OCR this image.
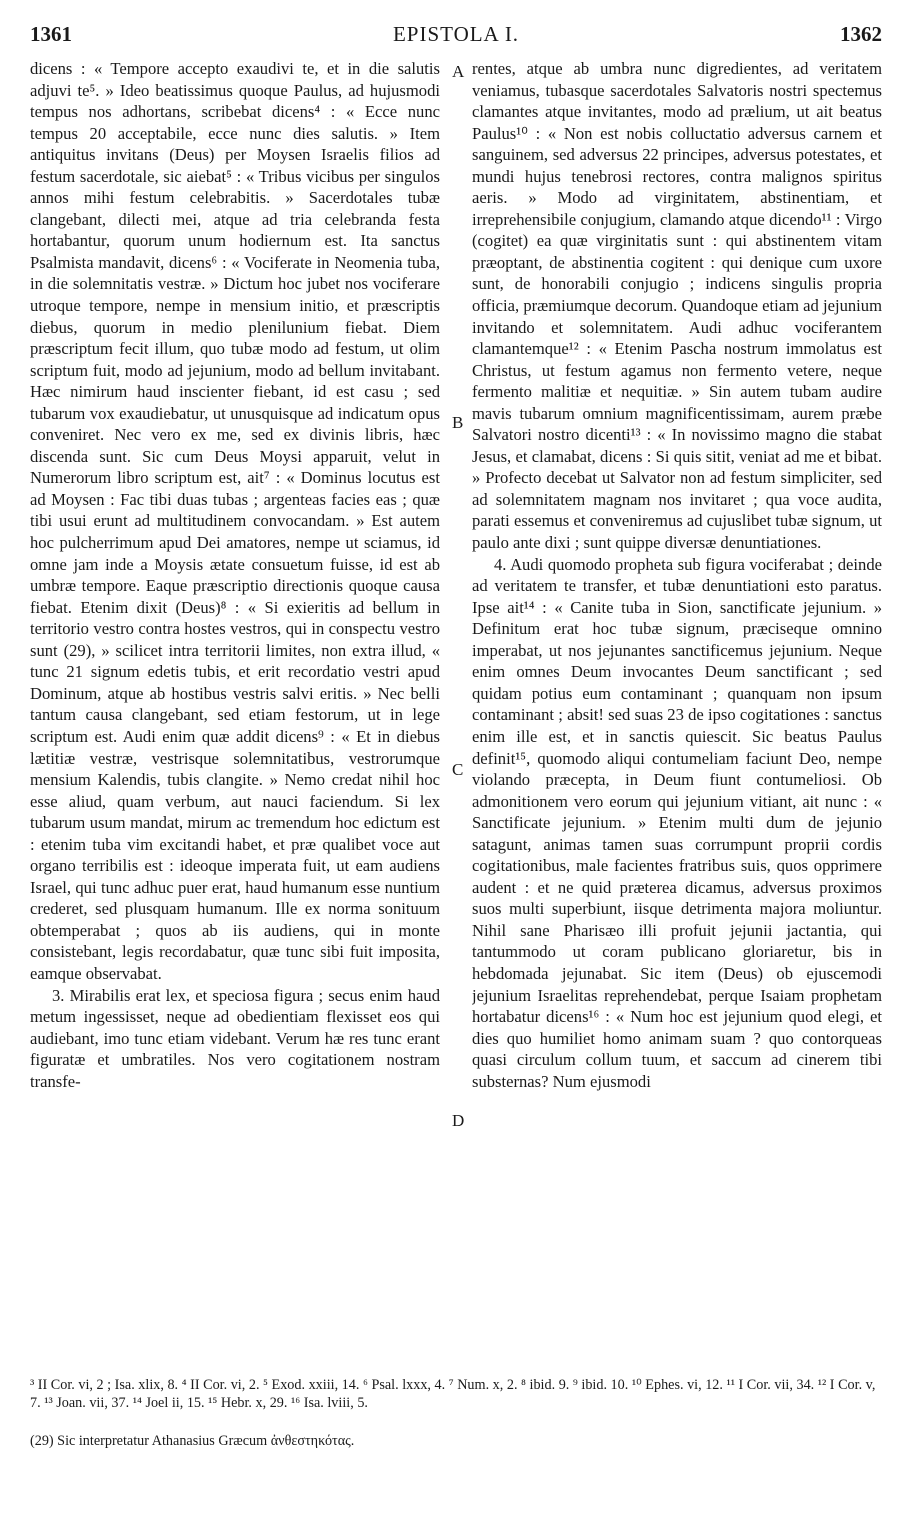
1361	EPISTOLA I.	1362

dicens : « Tempore accepto exaudivi te, et in die salutis adjuvi te⁵. » Ideo beatissimus quoque Paulus, ad hujusmodi tempus nos adhortans, scribebat dicens⁴ : « Ecce nunc tempus 20 acceptabile, ecce nunc dies salutis. » Item antiquitus invitans (Deus) per Moysen Israelis filios ad festum sacerdotale, sic aiebat⁵ : « Tribus vicibus per singulos annos mihi festum celebrabitis. » Sacerdotales tubæ clangebant, dilecti mei, atque ad tria celebranda festa hortabantur, quorum unum hodiernum est. Ita sanctus Psalmista mandavit, dicens⁶ : « Vociferate in Neomenia tuba, in die solemnitatis vestræ. » Dictum hoc jubet nos vociferare utroque tempore, nempe in mensium initio, et præscriptis diebus, quorum in medio plenilunium fiebat. Diem præscriptum fecit illum, quo tubæ modo ad festum, ut olim scriptum fuit, modo ad jejunium, modo ad bellum invitabant. Hæc nimirum haud inscienter fiebant, id est casu ; sed tubarum vox exaudiebatur, ut unusquisque ad indicatum opus conveniret. Nec vero ex me, sed ex divinis libris, hæc discenda sunt. Sic cum Deus Moysi apparuit, velut in Numerorum libro scriptum est, ait⁷ : « Dominus locutus est ad Moysen : Fac tibi duas tubas ; argenteas facies eas ; quæ tibi usui erunt ad multitudinem convocandam. » Est autem hoc pulcherrimum apud Dei amatores, nempe ut sciamus, id omne jam inde a Moysis ætate consuetum fuisse, id est ab umbræ tempore. Eaque præscriptio directionis quoque causa fiebat. Etenim dixit (Deus)⁸ : « Si exieritis ad bellum in territorio vestro contra hostes vestros, qui in conspectu vestro sunt (29), » scilicet intra territorii limites, non extra illud, « tunc 21 signum edetis tubis, et erit recordatio vestri apud Dominum, atque ab hostibus vestris salvi eritis. » Nec belli tantum causa clangebant, sed etiam festorum, ut in lege scriptum est. Audi enim quæ addit dicens⁹ : « Et in diebus lætitiæ vestræ, vestrisque solemnitatibus, vestrorumque mensium Kalendis, tubis clangite. » Nemo credat nihil hoc esse aliud, quam verbum, aut nauci faciendum. Si lex tubarum usum mandat, mirum ac tremendum hoc edictum est : etenim tuba vim excitandi habet, et præ qualibet voce aut organo terribilis est : ideoque imperata fuit, ut eam audiens Israel, qui tunc adhuc puer erat, haud humanum esse nuntium crederet, sed plusquam humanum. Ille ex norma sonituum obtemperabat ; quos ab iis audiens, qui in monte consistebant, legis recordabatur, quæ tunc sibi fuit imposita, eamque observabat.

3. Mirabilis erat lex, et speciosa figura ; secus enim haud metum ingessisset, neque ad obedientiam flexisset eos qui audiebant, imo tunc etiam videbant. Verum hæ res tunc erant figuratæ et umbratiles. Nos vero cogitationem nostram transfe-

A
B
C
D

rentes, atque ab umbra nunc digredientes, ad veritatem veniamus, tubasque sacerdotales Salvatoris nostri spectemus clamantes atque invitantes, modo ad prælium, ut ait beatus Paulus¹⁰ : « Non est nobis colluctatio adversus carnem et sanguinem, sed adversus 22 principes, adversus potestates, et mundi hujus tenebrosi rectores, contra malignos spiritus aeris. » Modo ad virginitatem, abstinentiam, et irreprehensibile conjugium, clamando atque dicendo¹¹ : Virgo (cogitet) ea quæ virginitatis sunt : qui abstinentem vitam præoptant, de abstinentia cogitent : qui denique cum uxore sunt, de honorabili conjugio ; indicens singulis propria officia, præmiumque decorum. Quandoque etiam ad jejunium invitando et solemnitatem. Audi adhuc vociferantem clamantemque¹² : « Etenim Pascha nostrum immolatus est Christus, ut festum agamus non fermento vetere, neque fermento malitiæ et nequitiæ. » Sin autem tubam audire mavis tubarum omnium magnificentissimam, aurem præbe Salvatori nostro dicenti¹³ : « In novissimo magno die stabat Jesus, et clamabat, dicens : Si quis sitit, veniat ad me et bibat. » Profecto decebat ut Salvator non ad festum simpliciter, sed ad solemnitatem magnam nos invitaret ; qua voce audita, parati essemus et conveniremus ad cujuslibet tubæ signum, ut paulo ante dixi ; sunt quippe diversæ denuntiationes.

4. Audi quomodo propheta sub figura vociferabat ; deinde ad veritatem te transfer, et tubæ denuntiationi esto paratus. Ipse ait¹⁴ : « Canite tuba in Sion, sanctificate jejunium. » Definitum erat hoc tubæ signum, præciseque omnino imperabat, ut nos jejunantes sanctificemus jejunium. Neque enim omnes Deum invocantes Deum sanctificant ; sed quidam potius eum contaminant ; quanquam non ipsum contaminant ; absit! sed suas 23 de ipso cogitationes : sanctus enim ille est, et in sanctis quiescit. Sic beatus Paulus definit¹⁵, quomodo aliqui contumeliam faciunt Deo, nempe violando præcepta, in Deum fiunt contumeliosi. Ob admonitionem vero eorum qui jejunium vitiant, ait nunc : « Sanctificate jejunium. » Etenim multi dum de jejunio satagunt, animas tamen suas corrumpunt proprii cordis cogitationibus, male facientes fratribus suis, quos opprimere audent : et ne quid præterea dicamus, adversus proximos suos multi superbiunt, iisque detrimenta majora moliuntur. Nihil sane Pharisæo illi profuit jejunii jactantia, qui tantummodo ut coram publicano gloriaretur, bis in hebdomada jejunabat. Sic item (Deus) ob ejuscemodi jejunium Israelitas reprehendebat, perque Isaiam prophetam hortabatur dicens¹⁶ : « Num hoc est jejunium quod elegi, et dies quo humiliet homo animam suam ? quo contorqueas quasi circulum collum tuum, et saccum ad cinerem tibi substernas? Num ejusmodi

³ II Cor. vi, 2 ; Isa. xlix, 8. ⁴ II Cor. vi, 2. ⁵ Exod. xxiii, 14. ⁶ Psal. lxxx, 4. ⁷ Num. x, 2. ⁸ ibid. 9. ⁹ ibid. 10. ¹⁰ Ephes. vi, 12. ¹¹ I Cor. vii, 34. ¹² I Cor. v, 7. ¹³ Joan. vii, 37. ¹⁴ Joel ii, 15. ¹⁵ Hebr. x, 29. ¹⁶ Isa. lviii, 5.
(29) Sic interpretatur Athanasius Græcum ἀνθεστηκότας.
